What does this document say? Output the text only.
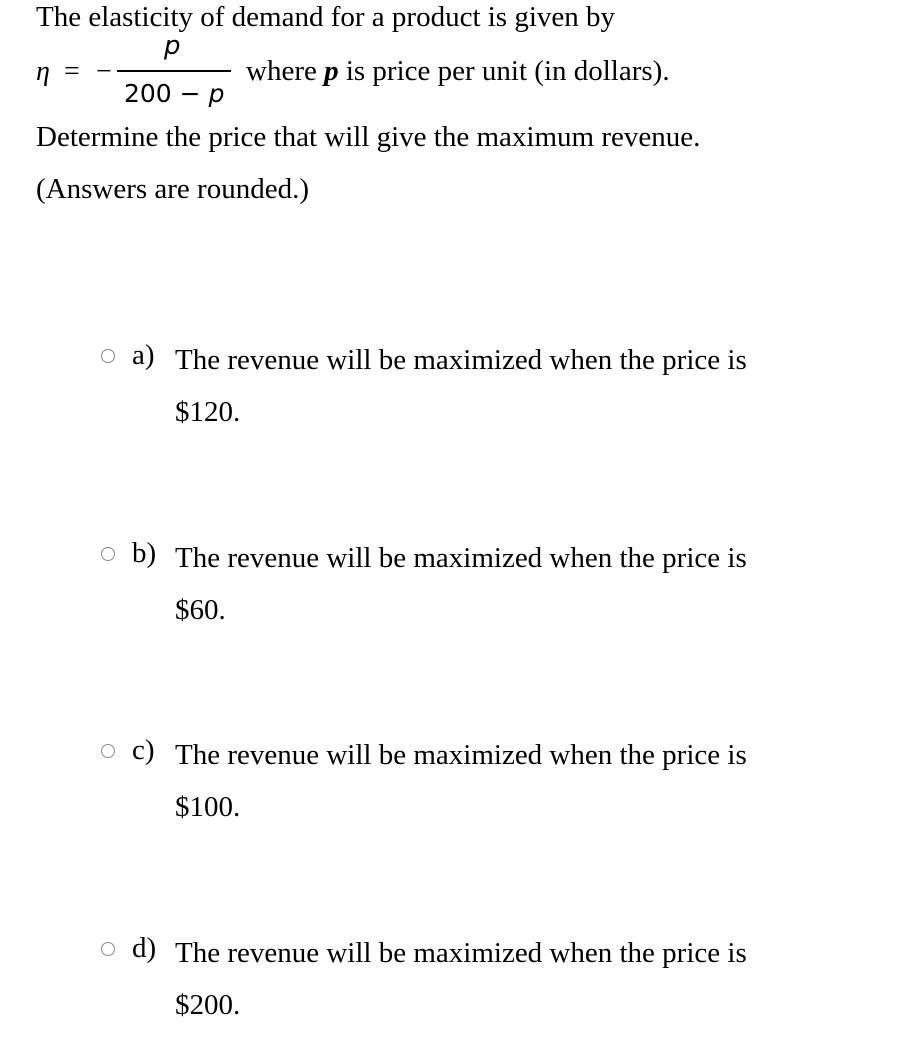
The elasticity of demand for a product is given by
η = −
p
200 − p
where p is price per unit (in dollars).
Determine the price that will give the maximum revenue.
(Answers are rounded.)
a) The revenue will be maximized when the price is
$120.
b) The revenue will be maximized when the price is
$60.
c) The revenue will be maximized when the price is
$100.
d) The revenue will be maximized when the price is
$200.
